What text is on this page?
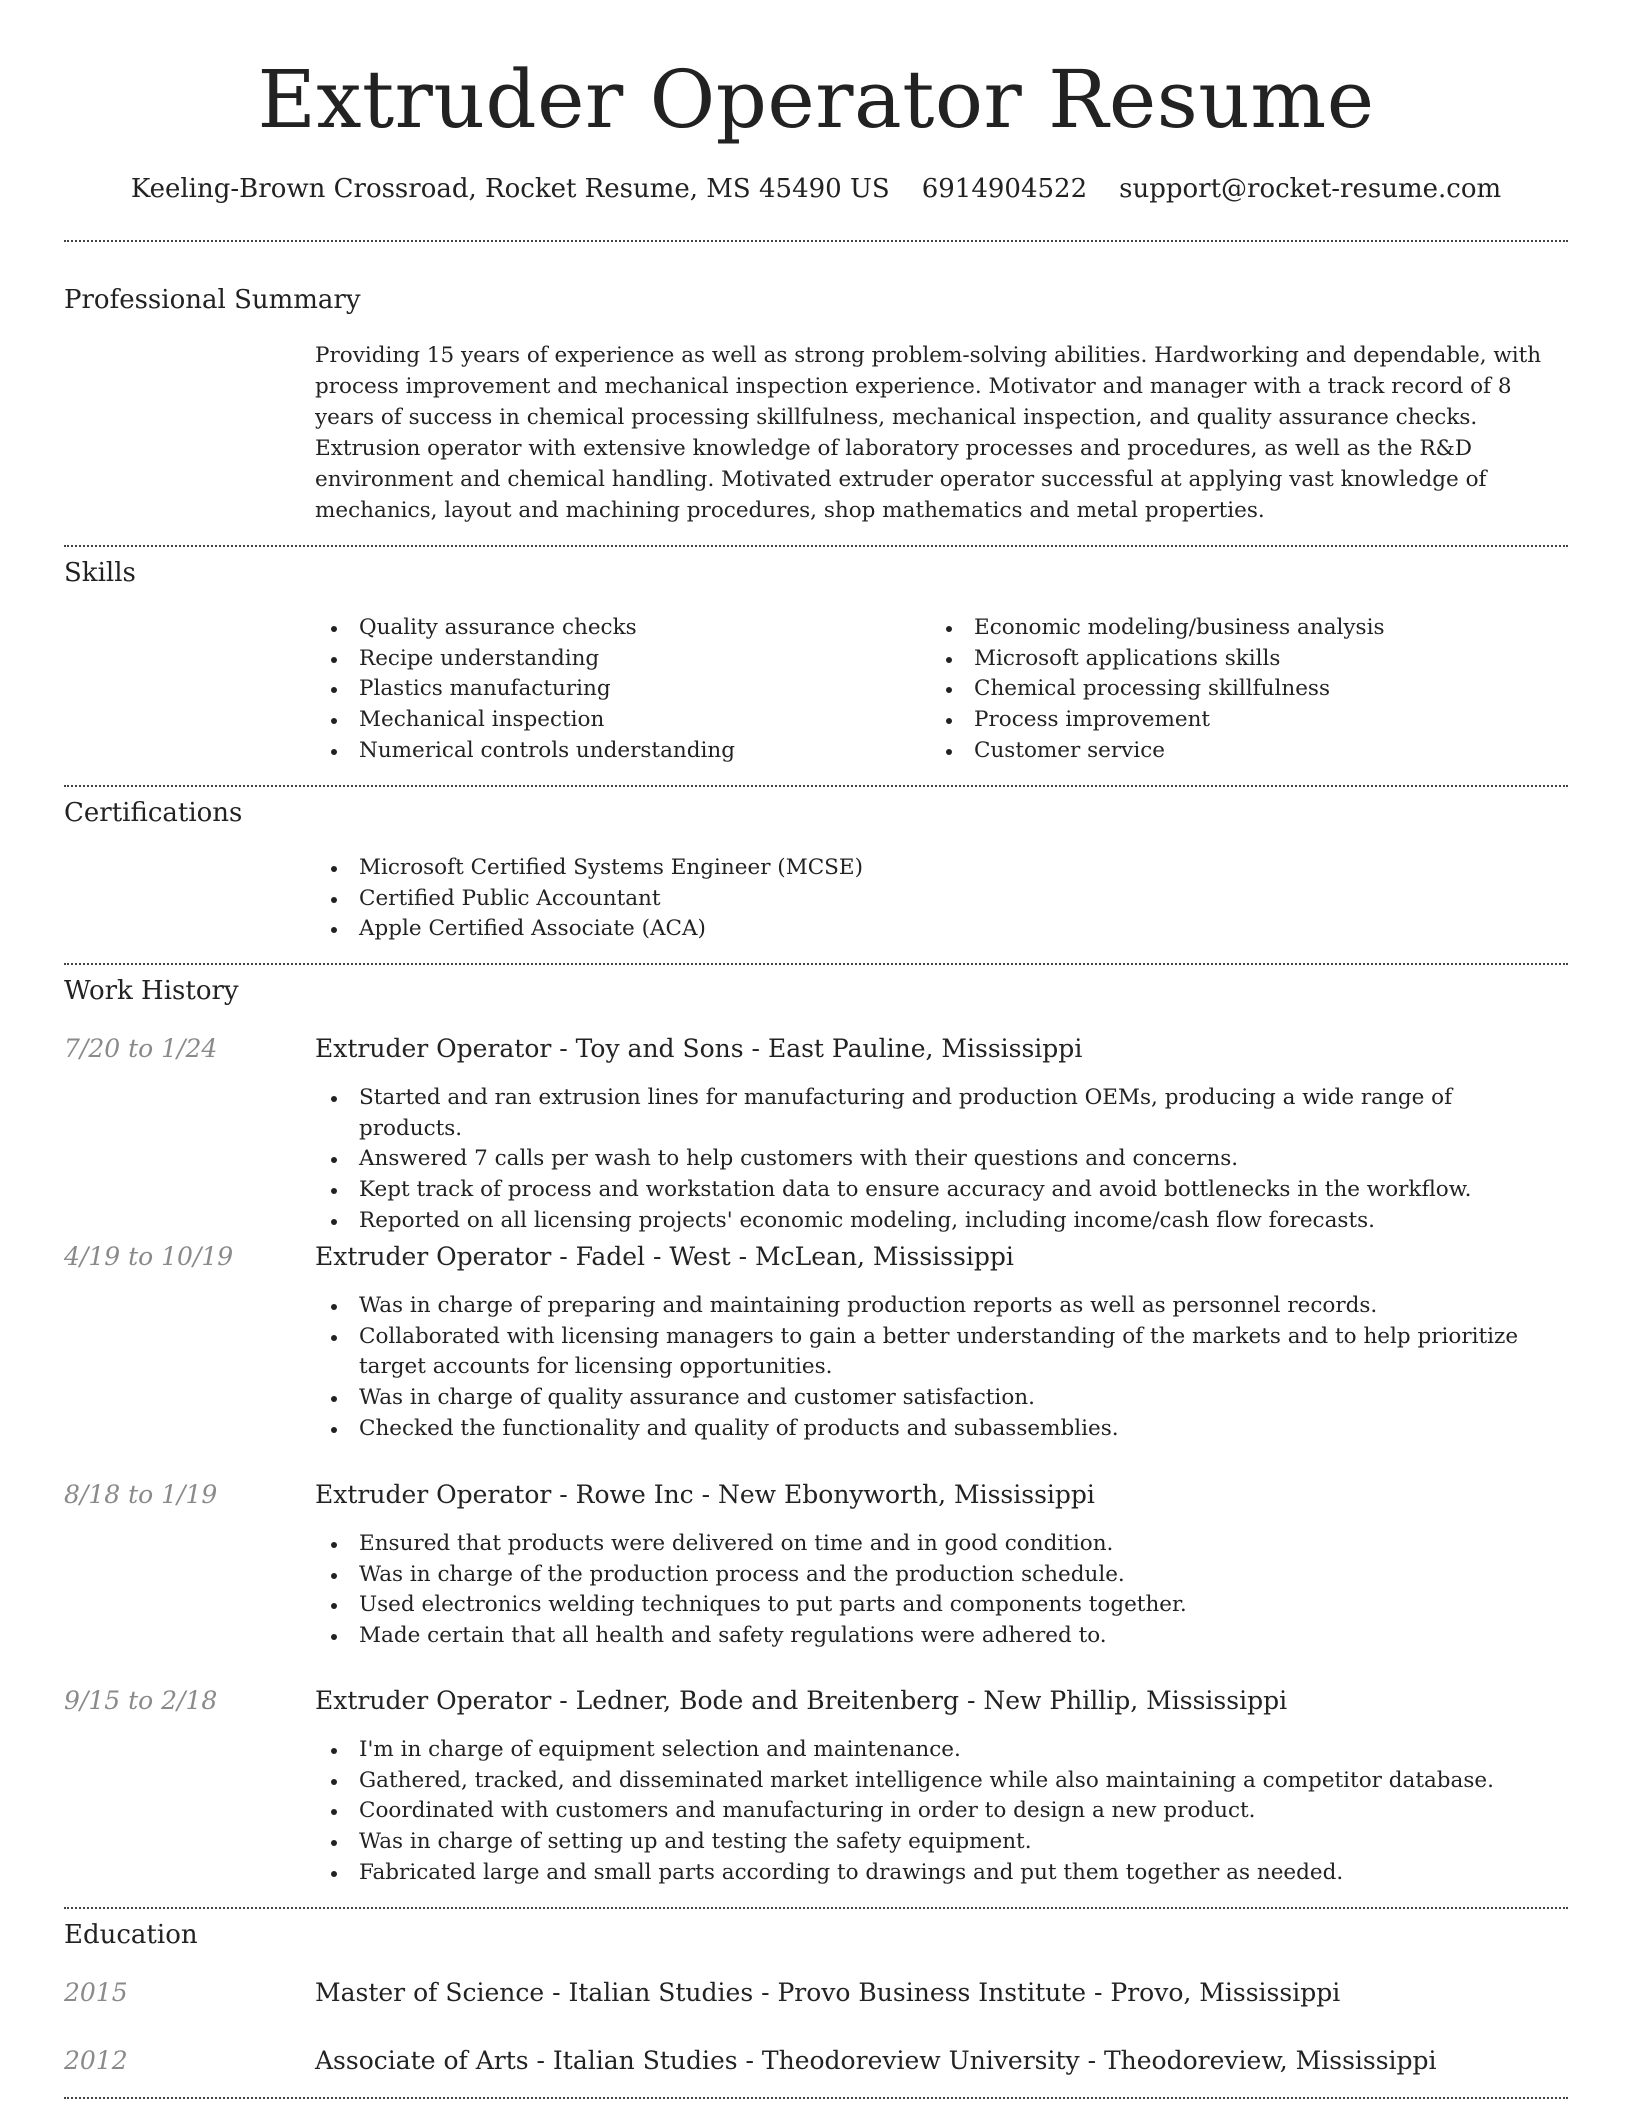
Extruder Operator Resume
Keeling-Brown Crossroad, Rocket Resume, MS 45490 US 6914904522 support@rocket-resume.com
Professional Summary
Providing 15 years of experience as well as strong problem-solving abilities. Hardworking and dependable, with process improvement and mechanical inspection experience. Motivator and manager with a track record of 8 years of success in chemical processing skillfulness, mechanical inspection, and quality assurance checks. Extrusion operator with extensive knowledge of laboratory processes and procedures, as well as the R&D environment and chemical handling. Motivated extruder operator successful at applying vast knowledge of mechanics, layout and machining procedures, shop mathematics and metal properties.
Skills
Quality assurance checks
Recipe understanding
Plastics manufacturing
Mechanical inspection
Numerical controls understanding
Economic modeling/business analysis
Microsoft applications skills
Chemical processing skillfulness
Process improvement
Customer service
Certifications
Microsoft Certified Systems Engineer (MCSE)
Certified Public Accountant
Apple Certified Associate (ACA)
Work History
7/20 to 1/24	Extruder Operator - Toy and Sons - East Pauline, Mississippi
Started and ran extrusion lines for manufacturing and production OEMs, producing a wide range of products.
Answered 7 calls per wash to help customers with their questions and concerns.
Kept track of process and workstation data to ensure accuracy and avoid bottlenecks in the workflow.
Reported on all licensing projects' economic modeling, including income/cash flow forecasts.
4/19 to 10/19	Extruder Operator - Fadel - West - McLean, Mississippi
Was in charge of preparing and maintaining production reports as well as personnel records.
Collaborated with licensing managers to gain a better understanding of the markets and to help prioritize target accounts for licensing opportunities.
Was in charge of quality assurance and customer satisfaction.
Checked the functionality and quality of products and subassemblies.
8/18 to 1/19	Extruder Operator - Rowe Inc - New Ebonyworth, Mississippi
Ensured that products were delivered on time and in good condition.
Was in charge of the production process and the production schedule.
Used electronics welding techniques to put parts and components together.
Made certain that all health and safety regulations were adhered to.
9/15 to 2/18	Extruder Operator - Ledner, Bode and Breitenberg - New Phillip, Mississippi
I'm in charge of equipment selection and maintenance.
Gathered, tracked, and disseminated market intelligence while also maintaining a competitor database.
Coordinated with customers and manufacturing in order to design a new product.
Was in charge of setting up and testing the safety equipment.
Fabricated large and small parts according to drawings and put them together as needed.
Education
2015	Master of Science - Italian Studies - Provo Business Institute - Provo, Mississippi
2012	Associate of Arts - Italian Studies - Theodoreview University - Theodoreview, Mississippi
